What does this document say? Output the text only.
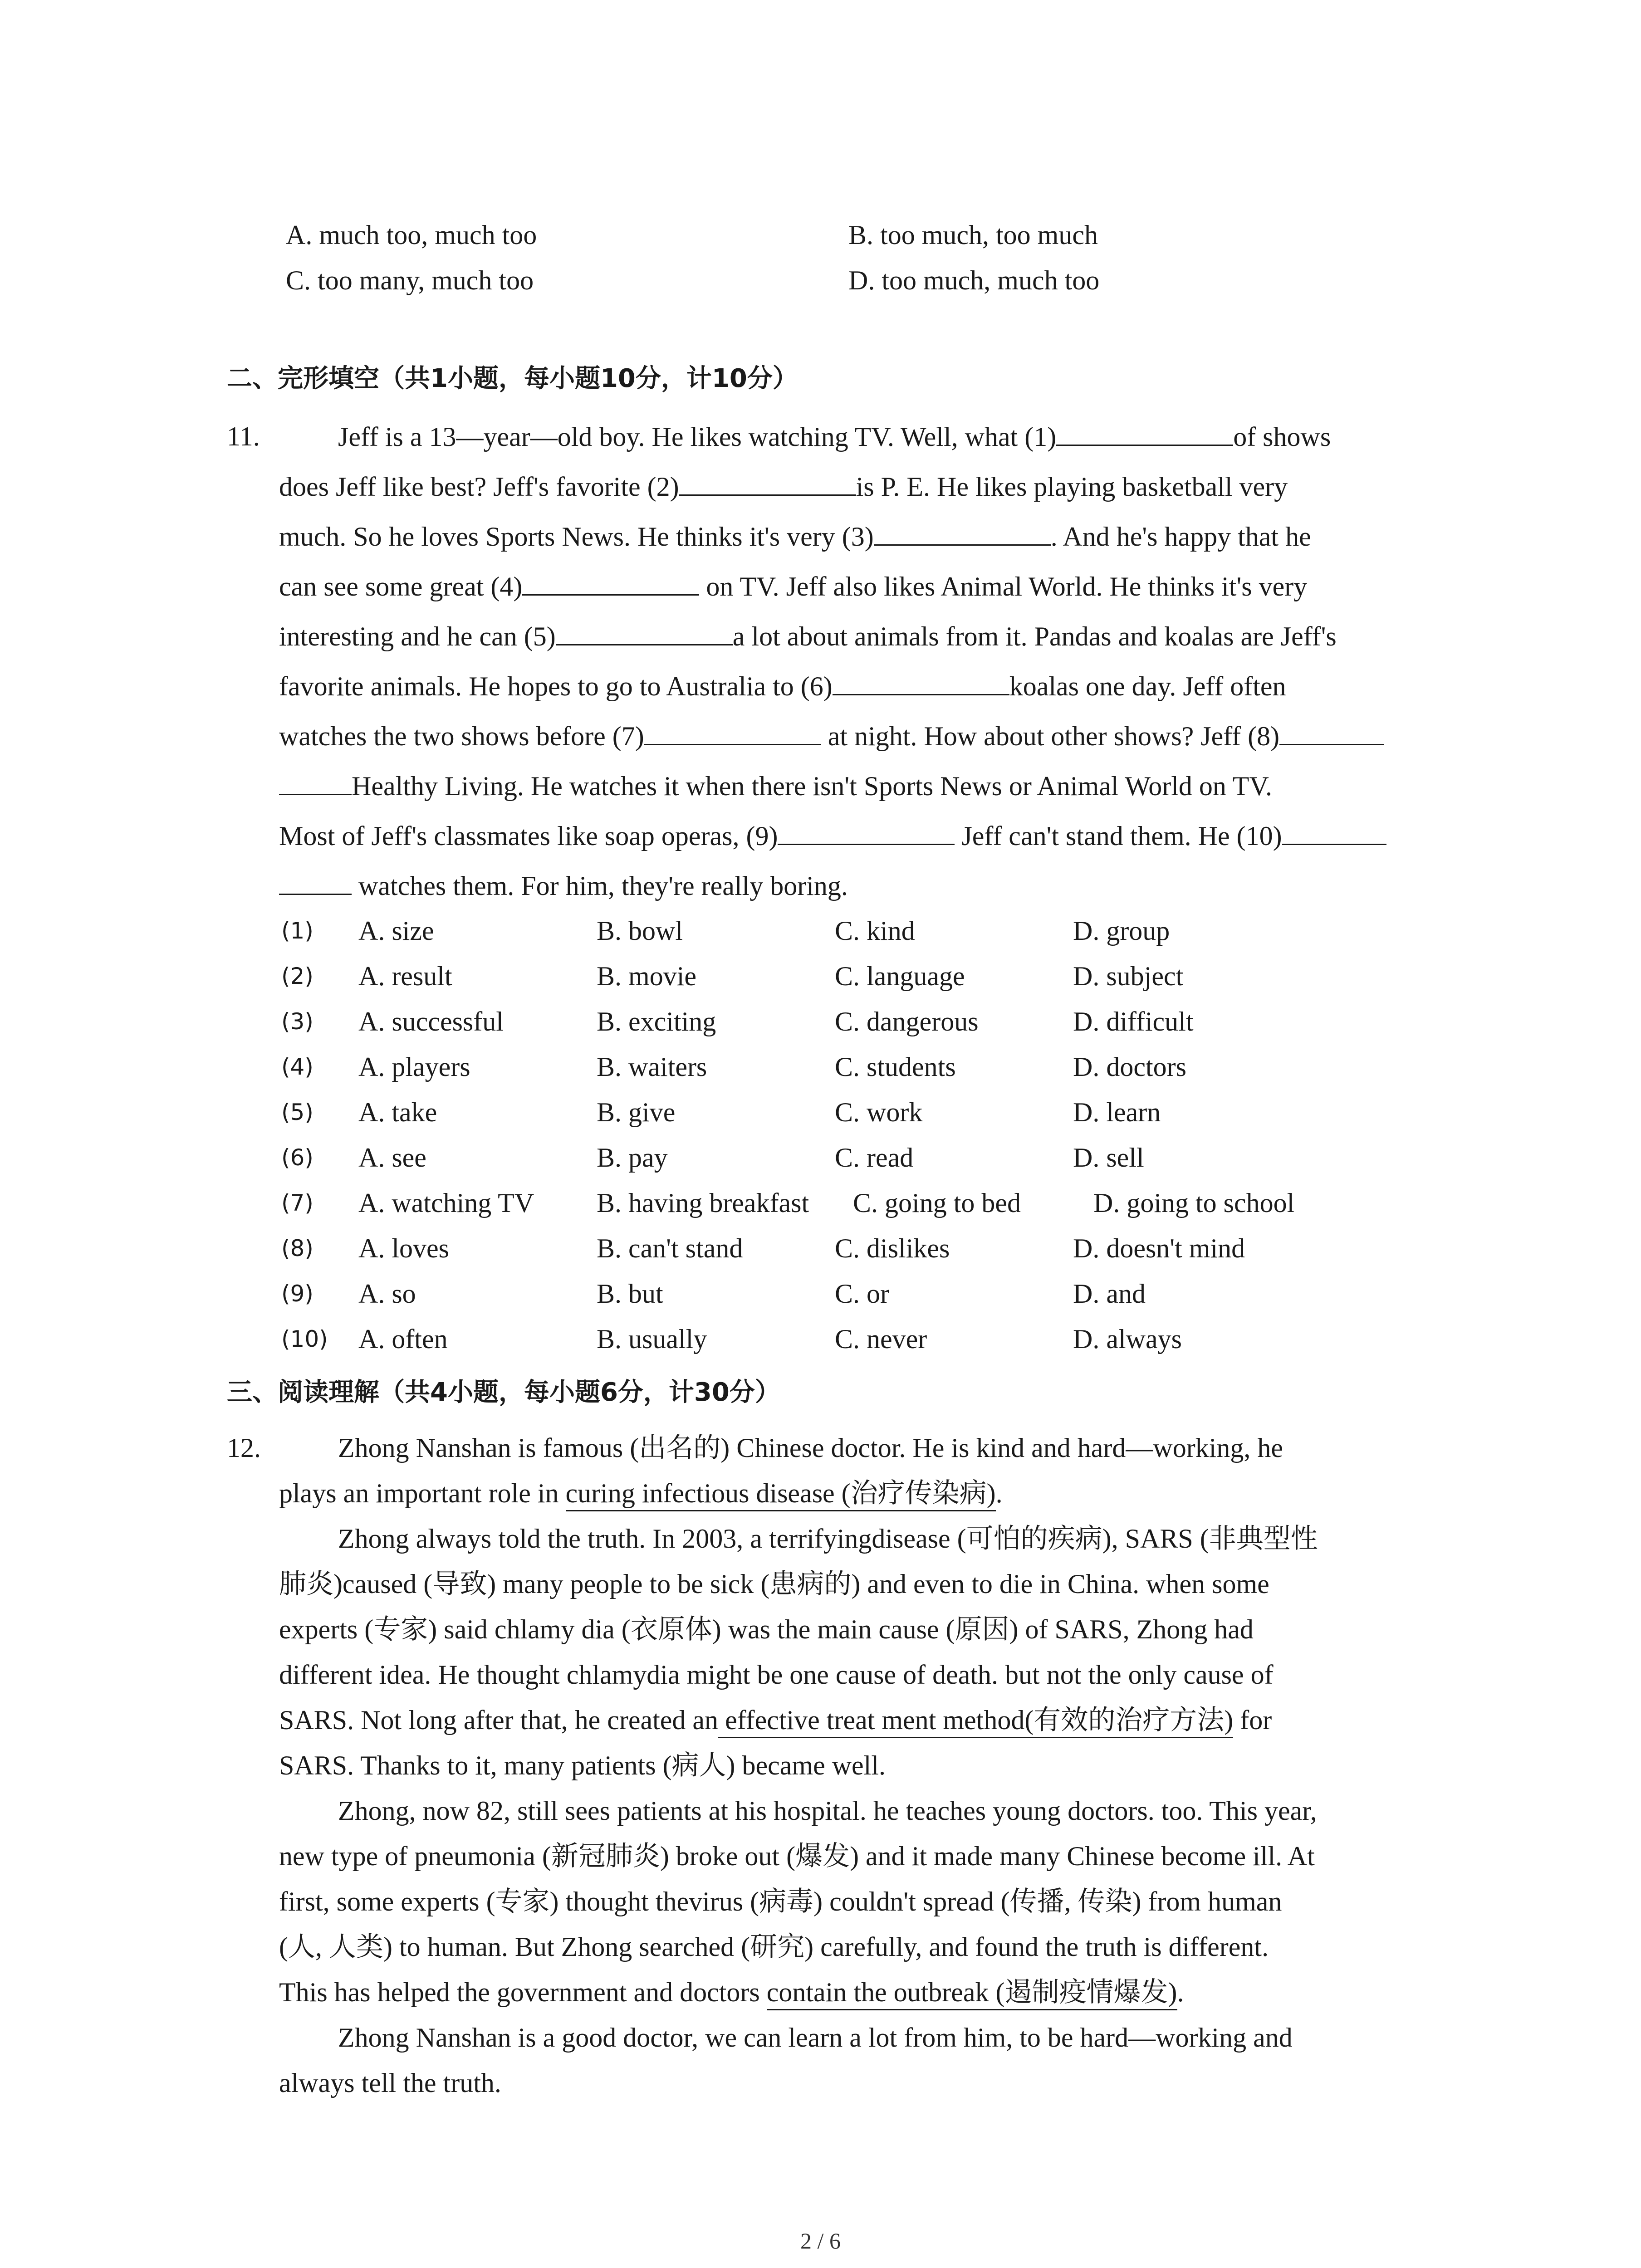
A. much too, much too	B. too much, too much
C. too many, much too	D. too much, much too
二、完形填空（共1小题，每小题10分，计10分）
11.	Jeff is a 13—year—old boy. He likes watching TV. Well, what (1)	of shows
does Jeff like best? Jeff's favorite (2)	is P. E. He likes playing basketball very
much. So he loves Sports News. He thinks it's very (3)	. And he's happy that he
can see some great (4)	on TV. Jeff also likes Animal World. He thinks it's very
interesting and he can (5)	a lot about animals from it. Pandas and koalas are Jeff's
favorite animals. He hopes to go to Australia to (6)	koalas one day. Jeff often
watches the two shows before (7)	at night. How about other shows? Jeff (8)
Healthy Living. He watches it when there isn't Sports News or Animal World on TV.
Most of Jeff's classmates like soap operas, (9)	Jeff can't stand them. He (10)
watches them. For him, they're really boring.
(1) A. size	B. bowl	C. kind	D. group
(2) A. result	B. movie	C. language	D. subject
(3) A. successful	B. exciting	C. dangerous	D. difficult
(4) A. players	B. waiters	C. students	D. doctors
(5) A. take	B. give	C. work	D. learn
(6) A. see	B. pay	C. read	D. sell
(7) A. watching TV B. having breakfast C. going to bed	D. going to school
(8) A. loves	B. can't stand	C. dislikes	D. doesn't mind
(9) A. so	B. but	C. or	D. and
(10) A. often	B. usually	C. never	D. always
三、阅读理解（共4小题，每小题6分，计30分）
12.	Zhong Nanshan is famous (出名的) Chinese doctor. He is kind and hard—working, he
plays an important role in curing infectious disease (治疗传染病).
Zhong always told the truth. In 2003, a terrifyingdisease (可怕的疾病), SARS (非典型性
肺炎)caused (导致) many people to be sick (患病的) and even to die in China. when some
experts (专家) said chlamy dia (衣原体) was the main cause (原因) of SARS, Zhong had
different idea. He thought chlamydia might be one cause of death. but not the only cause of
SARS. Not long after that, he created an effective treat ment method(有效的治疗方法) for
SARS. Thanks to it, many patients (病人) became well.
Zhong, now 82, still sees patients at his hospital. he teaches young doctors. too. This year,
new type of pneumonia (新冠肺炎) broke out (爆发) and it made many Chinese become ill. At
first, some experts (专家) thought thevirus (病毒) couldn't spread (传播, 传染) from human
(人, 人类) to human. But Zhong searched (研究) carefully, and found the truth is different.
This has helped the government and doctors contain the outbreak (遏制疫情爆发).
Zhong Nanshan is a good doctor, we can learn a lot from him, to be hard—working and
always tell the truth.
2 / 6
